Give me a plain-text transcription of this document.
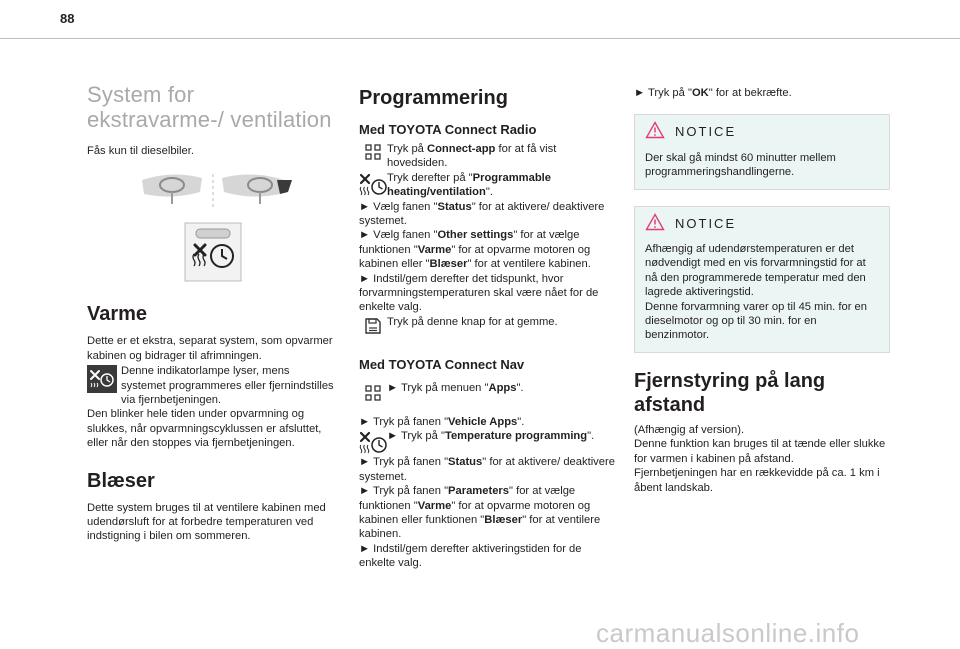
88
System for ekstravarme-/ ventilation

Fås kun til dieselbiler.

Varme

Dette er et ekstra, separat system, som opvarmer kabinen og bidrager til afrimningen.

Denne indikatorlampe lyser, mens systemet programmeres eller fjernindstilles via fjernbetjeningen.

Den blinker hele tiden under opvarmning og slukkes, når opvarmningscyklussen er afsluttet, eller når den stoppes via fjernbetjeningen.

Blæser

Dette system bruges til at ventilere kabinen med udendørsluft for at forbedre temperaturen ved indstigning i bilen om sommeren.

Programmering
Med TOYOTA Connect Radio

Tryk på Connect-app for at få vist hovedsiden.

Tryk derefter på "Programmable heating/ventilation".

► Vælg fanen "Status" for at aktivere/ deaktivere systemet.

► Vælg fanen "Other settings" for at vælge funktionen "Varme" for at opvarme motoren og kabinen eller "Blæser" for at ventilere kabinen.

► Indstil/gem derefter det tidspunkt, hvor forvarmningstemperaturen skal være nået for de enkelte valg.

Tryk på denne knap for at gemme.

Med TOYOTA Connect Nav

► Tryk på menuen "Apps".

► Tryk på fanen "Vehicle Apps".

► Tryk på "Temperature programming".

► Tryk på fanen "Status" for at aktivere/ deaktivere systemet.

► Tryk på fanen "Parameters" for at vælge funktionen "Varme" for at opvarme motoren og kabinen eller funktionen "Blæser" for at ventilere kabinen.

► Indstil/gem derefter aktiveringstiden for de enkelte valg.

► Tryk på "OK" for at bekræfte.

NOTICE

Der skal gå mindst 60 minutter mellem programmeringshandlingerne.

NOTICE

Afhængig af udendørstemperaturen er det nødvendigt med en vis forvarmningstid for at nå den programmerede temperatur med den lagrede aktiveringstid.

Denne forvarmning varer op til 45 min. for en dieselmotor og op til 30 min. for en benzinmotor.

Fjernstyring på lang afstand

(Afhængig af version).

Denne funktion kan bruges til at tænde eller slukke for varmen i kabinen på afstand.

Fjernbetjeningen har en rækkevidde på ca. 1 km i åbent landskab.

carmanualsonline.info
